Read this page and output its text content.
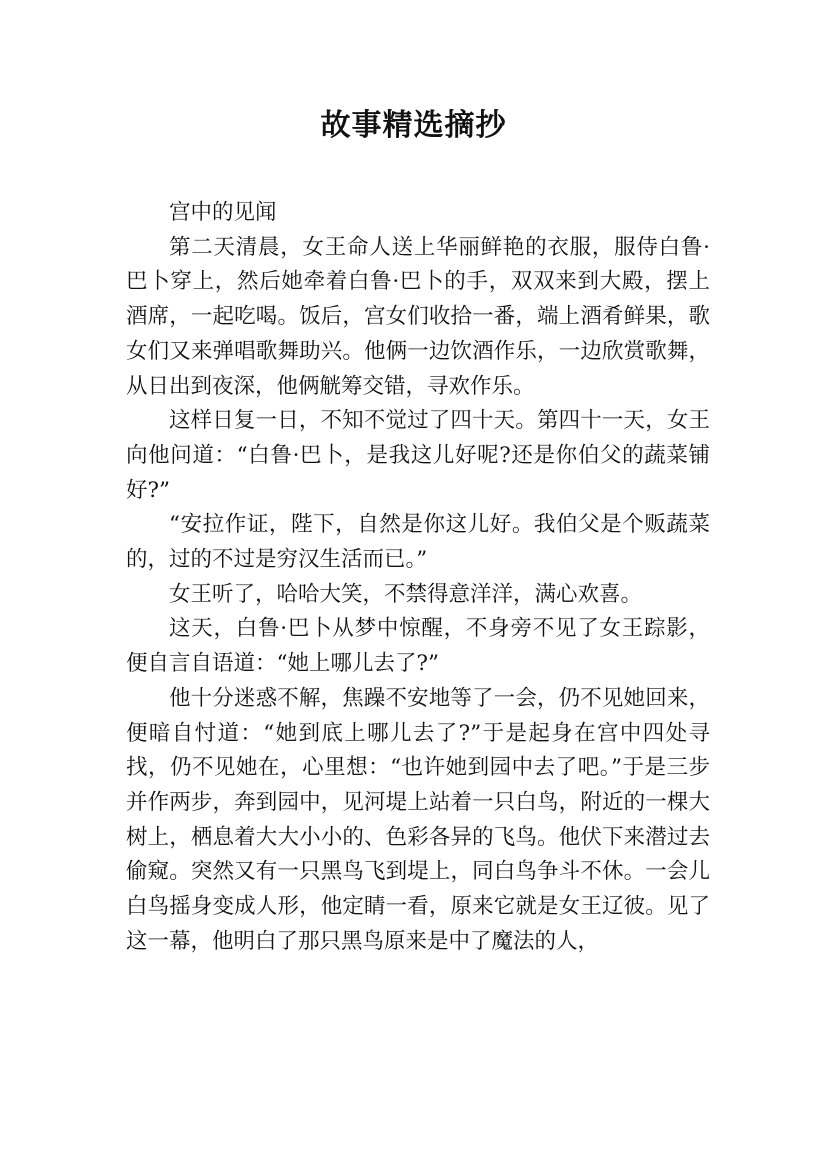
故事精选摘抄

宫中的见闻

第二天清晨，女王命人送上华丽鲜艳的衣服，服侍白鲁·巴卜穿上，然后她牵着白鲁·巴卜的手，双双来到大殿，摆上酒席，一起吃喝。饭后，宫女们收拾一番，端上酒肴鲜果，歌女们又来弹唱歌舞助兴。他俩一边饮酒作乐，一边欣赏歌舞，从日出到夜深，他俩觥筹交错，寻欢作乐。

这样日复一日，不知不觉过了四十天。第四十一天，女王向他问道：“白鲁·巴卜，是我这儿好呢?还是你伯父的蔬菜铺好?”

“安拉作证，陛下，自然是你这儿好。我伯父是个贩蔬菜的，过的不过是穷汉生活而已。”

女王听了，哈哈大笑，不禁得意洋洋，满心欢喜。

这天，白鲁·巴卜从梦中惊醒，不身旁不见了女王踪影，便自言自语道：“她上哪儿去了?”

他十分迷惑不解，焦躁不安地等了一会，仍不见她回来，便暗自忖道：“她到底上哪儿去了?”于是起身在宫中四处寻找，仍不见她在，心里想：“也许她到园中去了吧。”于是三步并作两步，奔到园中，见河堤上站着一只白鸟，附近的一棵大树上，栖息着大大小小的、色彩各异的飞鸟。他伏下来潜过去偷窥。突然又有一只黑鸟飞到堤上，同白鸟争斗不休。一会儿白鸟摇身变成人形，他定睛一看，原来它就是女王辽彼。见了这一幕，他明白了那只黑鸟原来是中了魔法的人，
